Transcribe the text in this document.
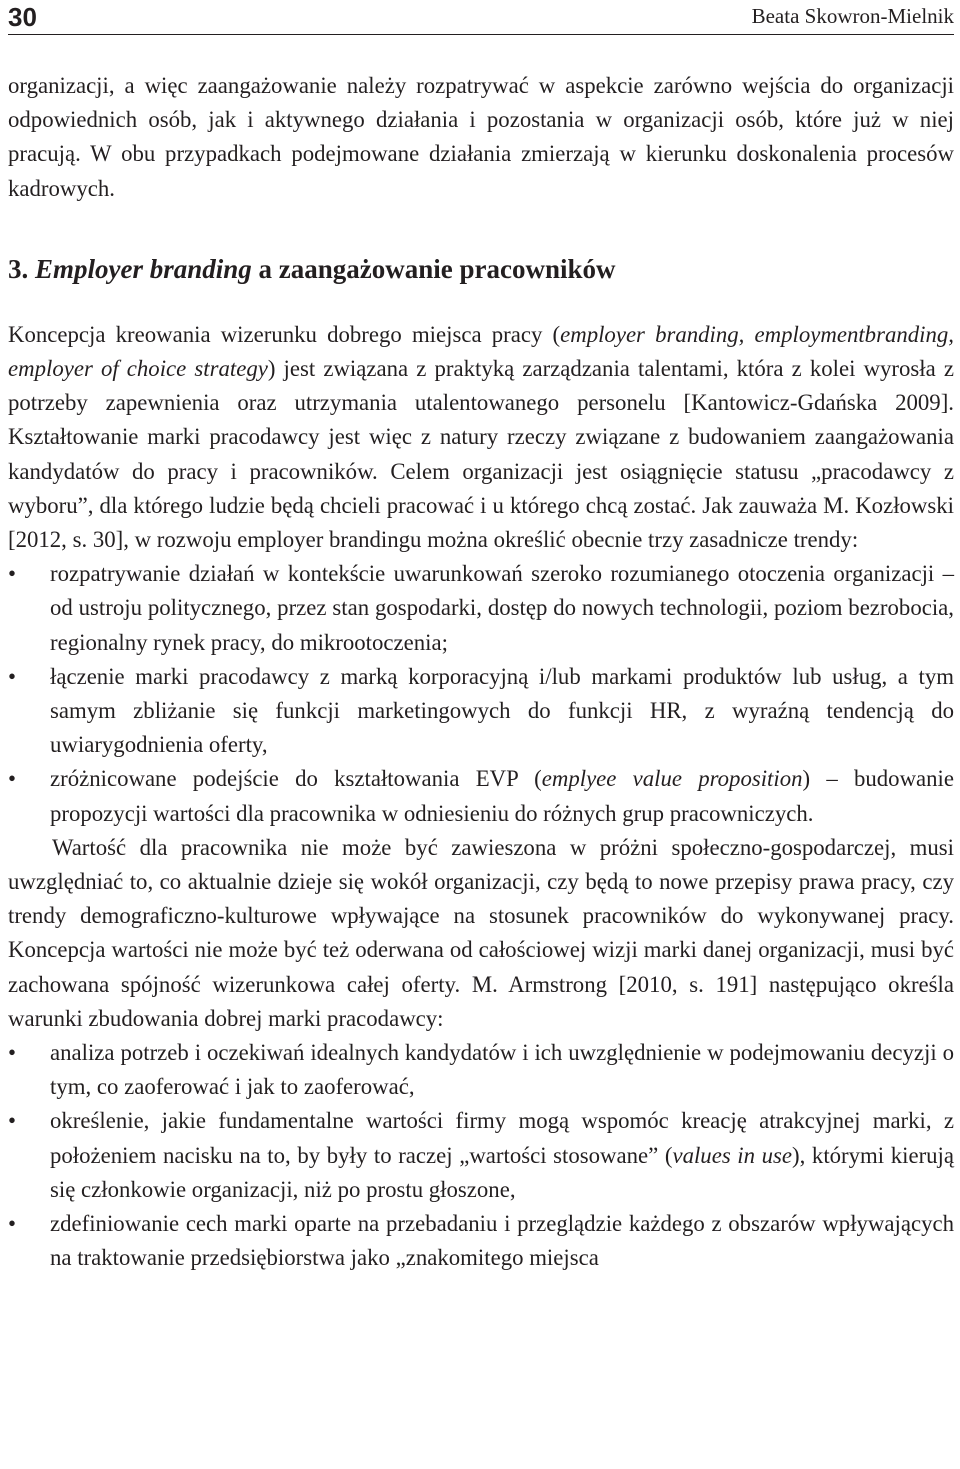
30	Beata Skowron-Mielnik

organizacji, a więc zaangażowanie należy rozpatrywać w aspekcie zarówno wejścia do organizacji odpowiednich osób, jak i aktywnego działania i pozostania w organizacji osób, które już w niej pracują. W obu przypadkach podejmowane działania zmierzają w kierunku doskonalenia procesów kadrowych.

3. Employer branding a zaangażowanie pracowników

Koncepcja kreowania wizerunku dobrego miejsca pracy (employer branding, employmentbranding, employer of choice strategy) jest związana z praktyką zarządzania talentami, która z kolei wyrosła z potrzeby zapewnienia oraz utrzymania utalentowanego personelu [Kantowicz-Gdańska 2009]. Kształtowanie marki pracodawcy jest więc z natury rzeczy związane z budowaniem zaangażowania kandydatów do pracy i pracowników. Celem organizacji jest osiągnięcie statusu „pracodawcy z wyboru”, dla którego ludzie będą chcieli pracować i u którego chcą zostać. Jak zauważa M. Kozłowski [2012, s. 30], w rozwoju employer brandingu można określić obecnie trzy zasadnicze trendy:

• rozpatrywanie działań w kontekście uwarunkowań szeroko rozumianego otoczenia organizacji – od ustroju politycznego, przez stan gospodarki, dostęp do nowych technologii, poziom bezrobocia, regionalny rynek pracy, do mikrootoczenia;
• łączenie marki pracodawcy z marką korporacyjną i/lub markami produktów lub usług, a tym samym zbliżanie się funkcji marketingowych do funkcji HR, z wyraźną tendencją do uwiarygodnienia oferty,
• zróżnicowane podejście do kształtowania EVP (emplyee value proposition) – budowanie propozycji wartości dla pracownika w odniesieniu do różnych grup pracowniczych.

Wartość dla pracownika nie może być zawieszona w próżni społeczno-gospodarczej, musi uwzględniać to, co aktualnie dzieje się wokół organizacji, czy będą to nowe przepisy prawa pracy, czy trendy demograficzno-kulturowe wpływające na stosunek pracowników do wykonywanej pracy. Koncepcja wartości nie może być też oderwana od całościowej wizji marki danej organizacji, musi być zachowana spójność wizerunkowa całej oferty. M. Armstrong [2010, s. 191] następująco określa warunki zbudowania dobrej marki pracodawcy:

• analiza potrzeb i oczekiwań idealnych kandydatów i ich uwzględnienie w podejmowaniu decyzji o tym, co zaoferować i jak to zaoferować,
• określenie, jakie fundamentalne wartości firmy mogą wspomóc kreację atrakcyjnej marki, z położeniem nacisku na to, by były to raczej „wartości stosowane” (values in use), którymi kierują się członkowie organizacji, niż po prostu głoszone,
• zdefiniowanie cech marki oparte na przebadaniu i przeglądzie każdego z obszarów wpływających na traktowanie przedsiębiorstwa jako „znakomitego miejsca
